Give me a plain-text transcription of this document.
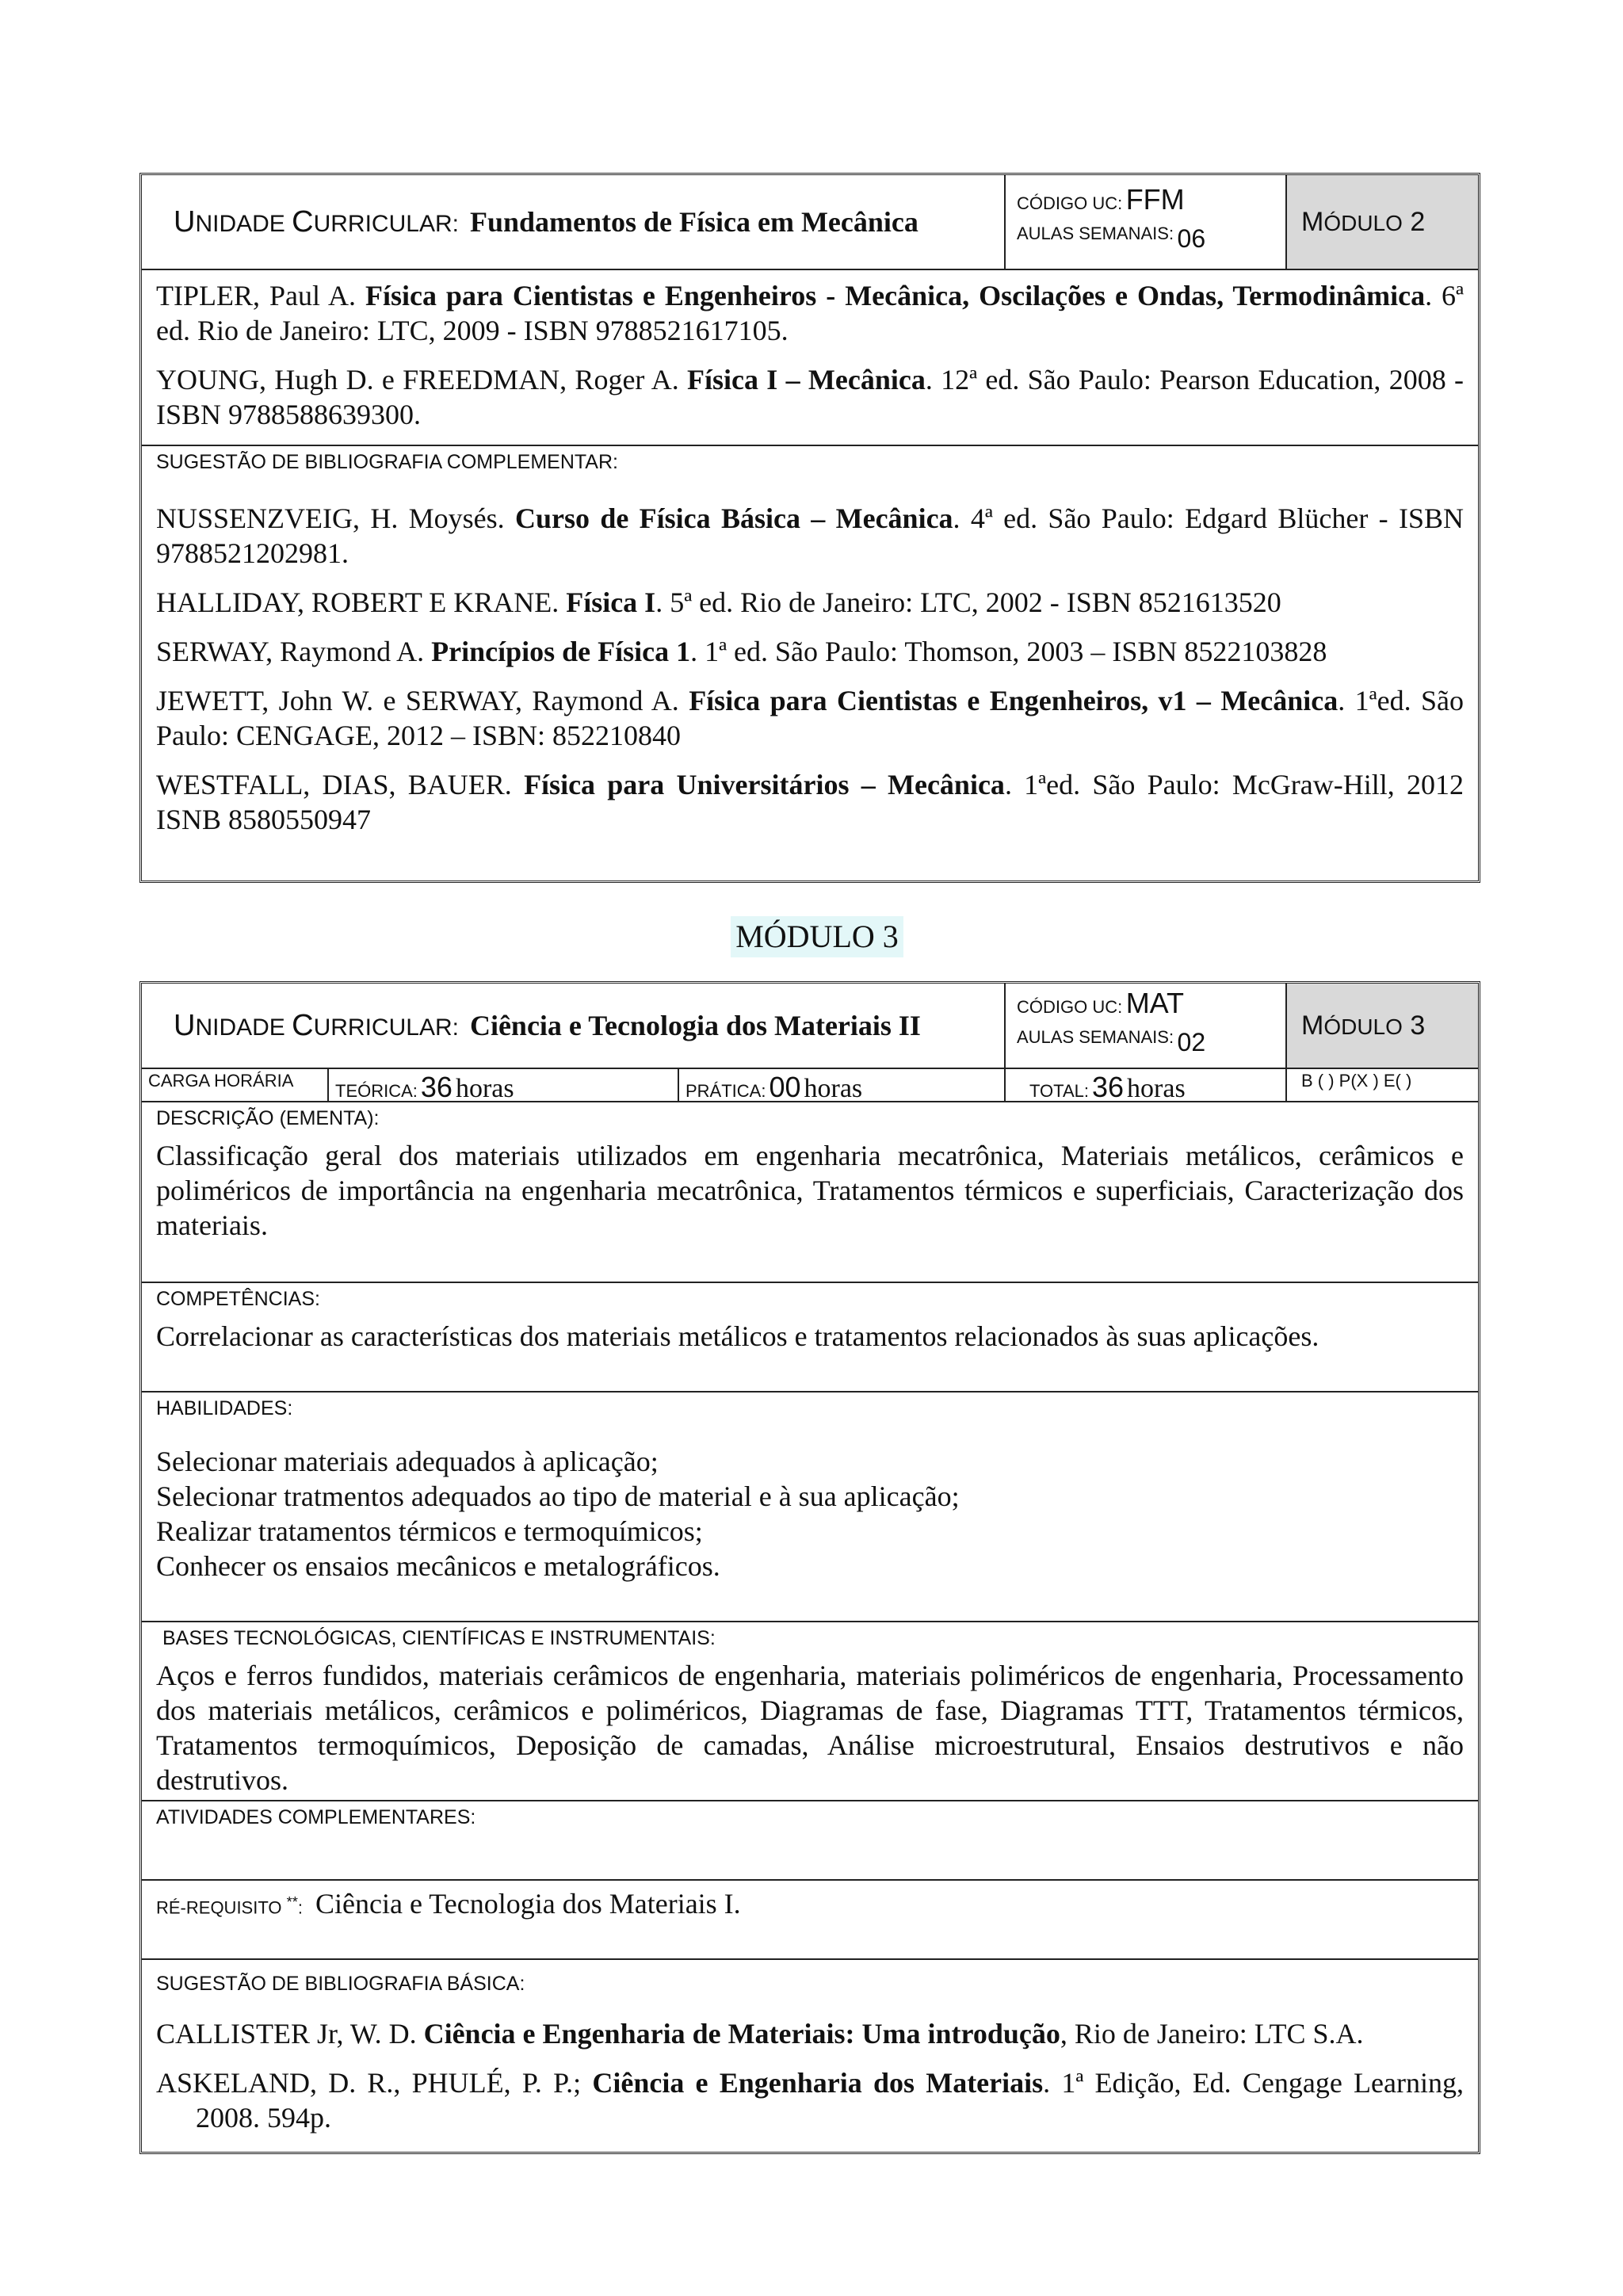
UNIDADE CURRICULAR: Fundamentos de Física em Mecânica
CÓDIGO UC: FFM
AULAS SEMANAIS: 06
MÓDULO 2

TIPLER, Paul A. Física para Cientistas e Engenheiros - Mecânica, Oscilações e Ondas, Termodinâmica. 6ª ed. Rio de Janeiro: LTC, 2009 - ISBN 9788521617105.

YOUNG, Hugh D. e FREEDMAN, Roger A. Física I – Mecânica. 12ª ed. São Paulo: Pearson Education, 2008 - ISBN 9788588639300.

SUGESTÃO DE BIBLIOGRAFIA COMPLEMENTAR:

NUSSENZVEIG, H. Moysés. Curso de Física Básica – Mecânica. 4ª ed. São Paulo: Edgard Blücher - ISBN 9788521202981.

HALLIDAY, ROBERT E KRANE. Física I. 5ª ed. Rio de Janeiro: LTC, 2002 - ISBN 8521613520

SERWAY, Raymond A. Princípios de Física 1. 1ª ed. São Paulo: Thomson, 2003 – ISBN 8522103828

JEWETT, John W. e SERWAY, Raymond A. Física para Cientistas e Engenheiros, v1 – Mecânica. 1ªed. São Paulo: CENGAGE, 2012 – ISBN: 852210840

WESTFALL, DIAS, BAUER. Física para Universitários – Mecânica. 1ªed. São Paulo: McGraw-Hill, 2012 ISNB 8580550947

MÓDULO 3
UNIDADE CURRICULAR: Ciência e Tecnologia dos Materiais II
CÓDIGO UC: MAT
AULAS SEMANAIS: 02
MÓDULO 3
CARGA HORÁRIA
TEÓRICA: 36 horas	PRÁTICA: 00 horas	TOTAL: 36 horas	B ( ) P(X ) E( )
DESCRIÇÃO (EMENTA):
Classificação geral dos materiais utilizados em engenharia mecatrônica, Materiais metálicos, cerâmicos e poliméricos de importância na engenharia mecatrônica, Tratamentos térmicos e superficiais, Caracterização dos materiais.
COMPETÊNCIAS:
Correlacionar as características dos materiais metálicos e tratamentos relacionados às suas aplicações.
HABILIDADES:
Selecionar materiais adequados à aplicação;
Selecionar tratmentos adequados ao tipo de material e à sua aplicação;
Realizar tratamentos térmicos e termoquímicos;
Conhecer os ensaios mecânicos e metalográficos.
BASES TECNOLÓGICAS, CIENTÍFICAS E INSTRUMENTAIS:
Aços e ferros fundidos, materiais cerâmicos de engenharia, materiais poliméricos de engenharia, Processamento dos materiais metálicos, cerâmicos e poliméricos, Diagramas de fase, Diagramas TTT, Tratamentos térmicos, Tratamentos termoquímicos, Deposição de camadas, Análise microestrutural, Ensaios destrutivos e não destrutivos.
ATIVIDADES COMPLEMENTARES:
RÉ-REQUISITO **: Ciência e Tecnologia dos Materiais I.
SUGESTÃO DE BIBLIOGRAFIA BÁSICA:

CALLISTER Jr, W. D. Ciência e Engenharia de Materiais: Uma introdução, Rio de Janeiro: LTC S.A.

ASKELAND, D. R., PHULÉ, P. P.; Ciência e Engenharia dos Materiais. 1ª Edição, Ed. Cengage Learning, 2008. 594p.
